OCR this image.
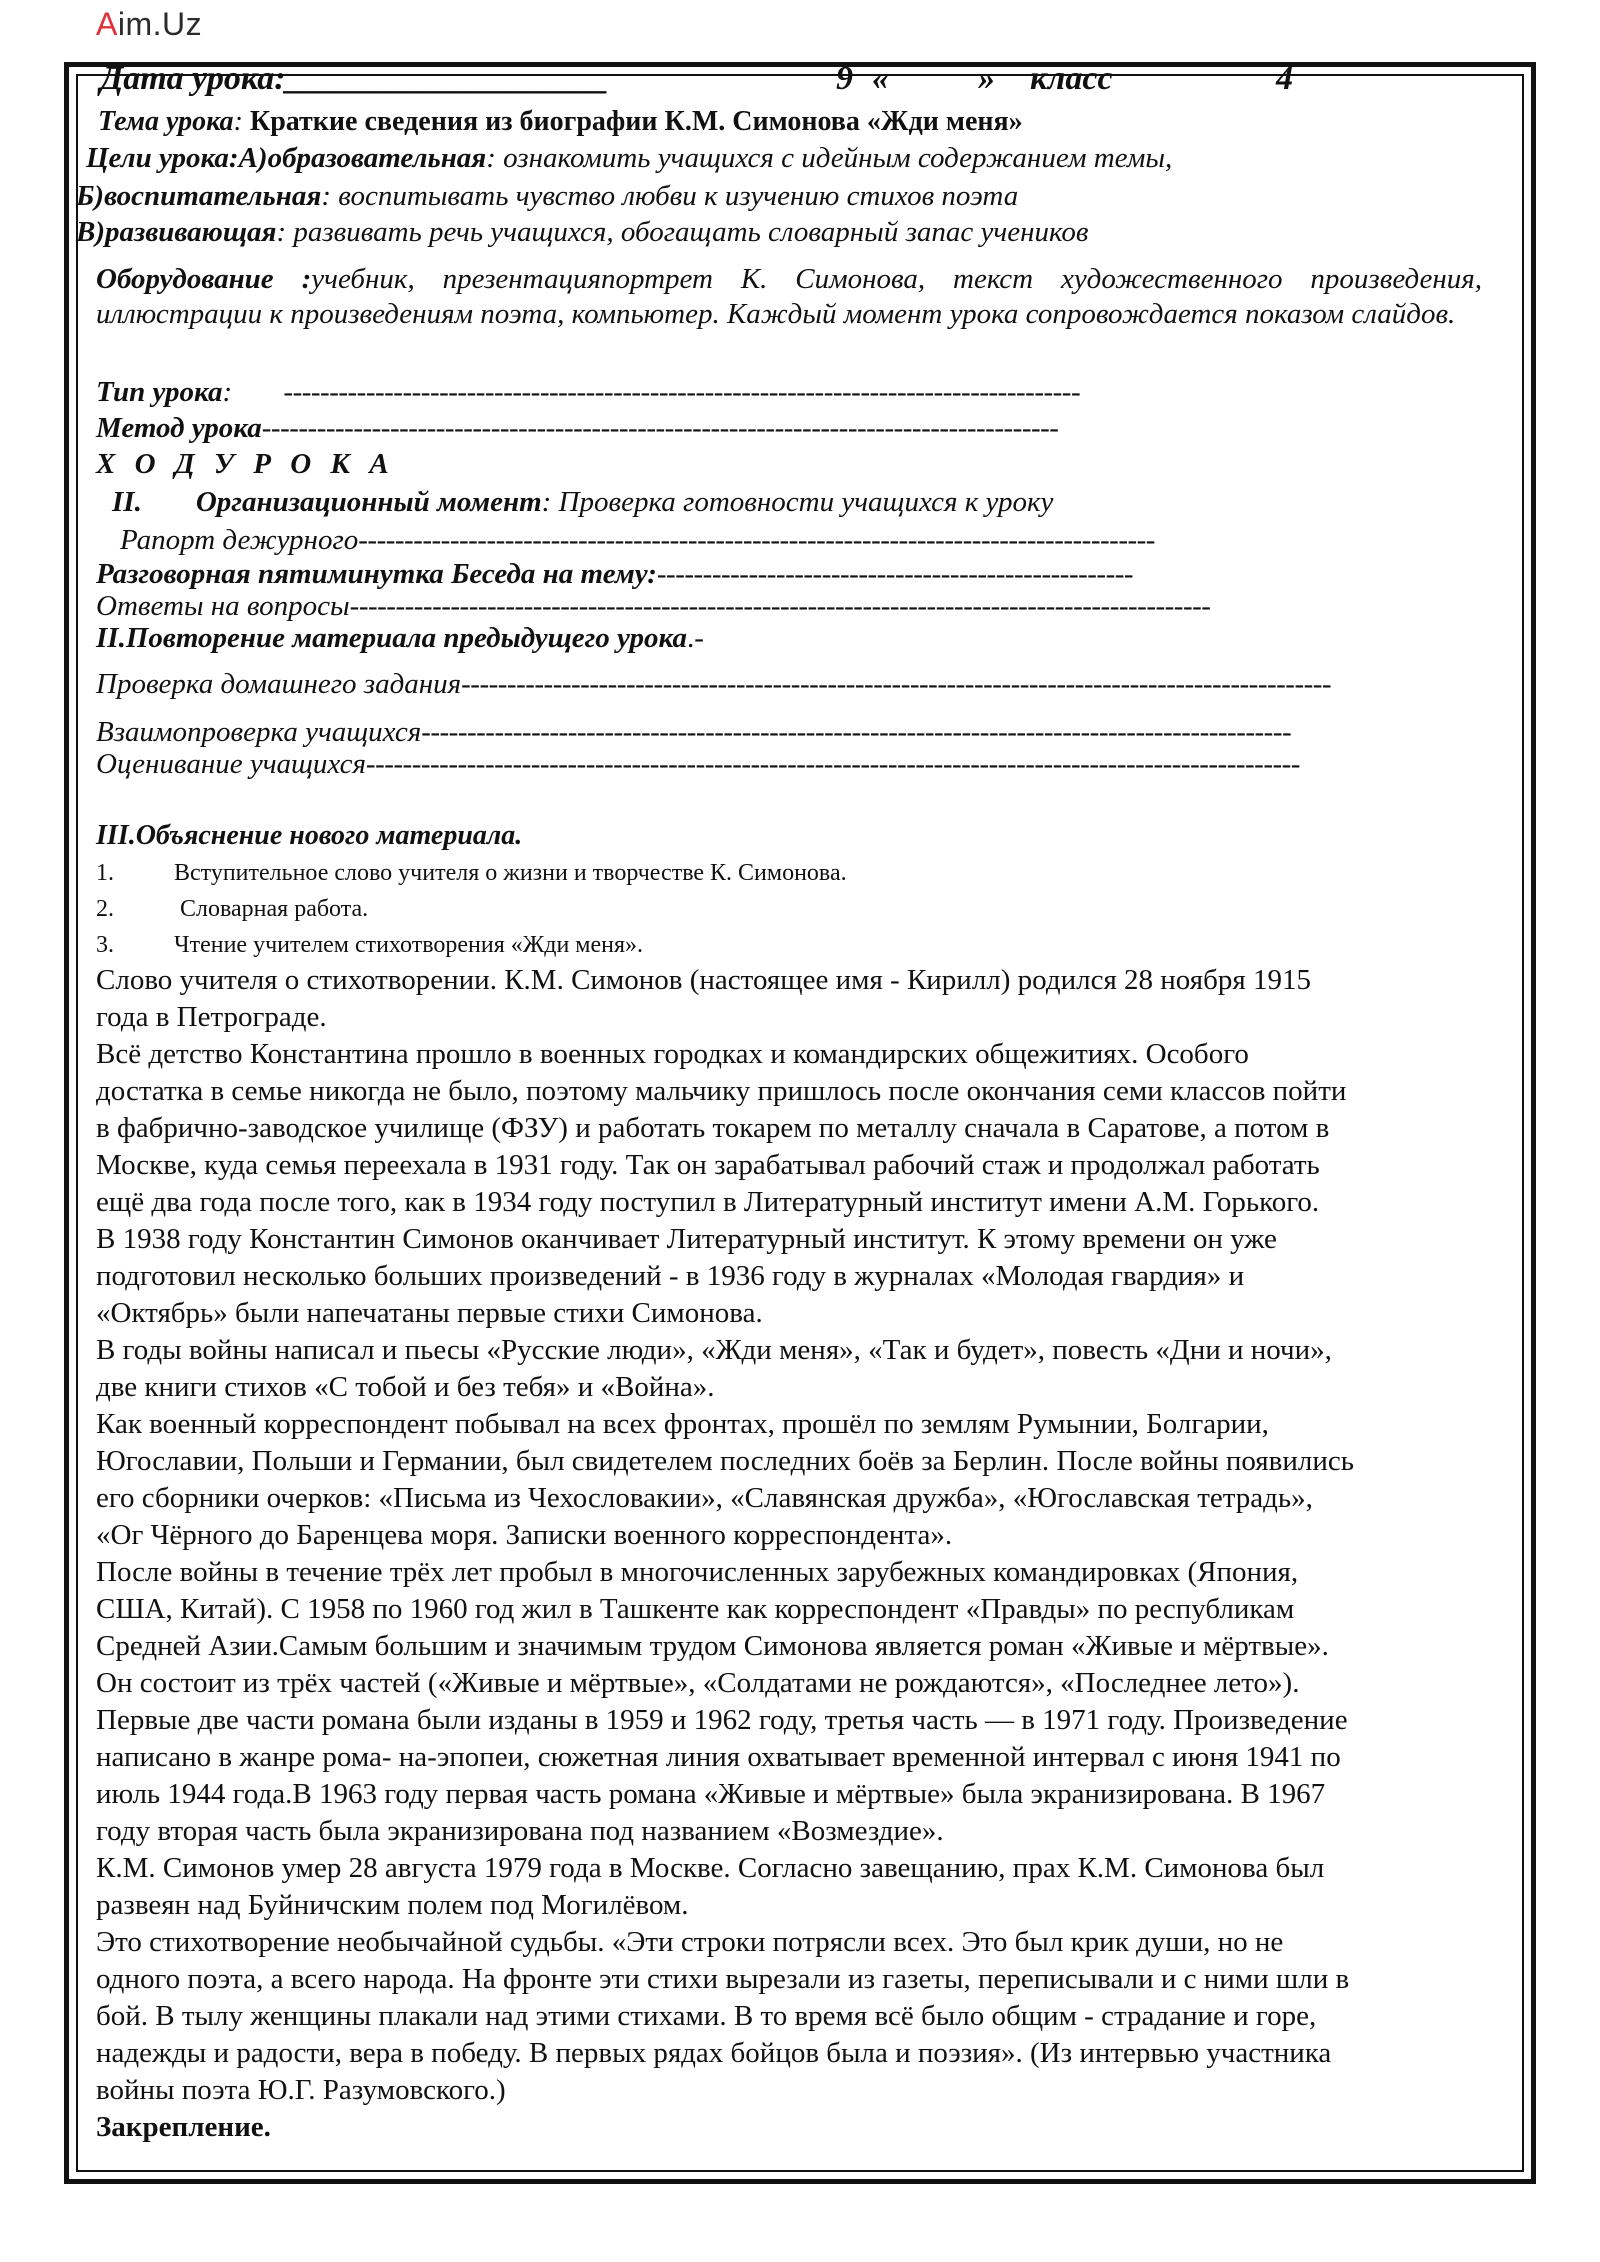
Aim.Uz
Дата урока:___________________	9 «	» класс	4
Тема урока: Краткие сведения из биографии К.М. Симонова «Жди меня»
Цели урока:А)образовательная: ознакомить учащихся с идейным содержанием темы,
Б)воспитательная: воспитывать чувство любви к изучению стихов поэта
В)развивающая: развивать речь учащихся, обогащать словарный запас учеников
Оборудование :учебник, презентацияпортрет К. Симонова, текст художественного произведения, иллюстрации к произведениям поэта, компьютер. Каждый момент урока сопровождается показом слайдов.
Тип урока: ---------------------------------------------------------------------------------------
Метод урока---------------------------------------------------------------------------------------
Х О Д У Р О К А
II. Организационный момент: Проверка готовности учащихся к уроку
Рапорт дежурного---------------------------------------------------------------------------------------
Разговорная пятиминутка Беседа на тему:----------------------------------------------------
Ответы на вопросы----------------------------------------------------------------------------------------------
II.Повторение материала предыдущего урока.-
Проверка домашнего задания-----------------------------------------------------------------------------------------------
Взаимопроверка учащихся-----------------------------------------------------------------------------------------------
Оценивание учащихся------------------------------------------------------------------------------------------------------
III.Объяснение нового материала.
1.	Вступительное слово учителя о жизни и творчестве К. Симонова.
2.	Словарная работа.
3.	Чтение учителем стихотворения «Жди меня».

Слово учителя о стихотворении. К.М. Симонов (настоящее имя - Кирилл) родился 28 ноября 1915

года в Петрограде.

Всё детство Константина прошло в военных городках и командирских общежитиях. Особого

достатка в семье никогда не было, поэтому мальчику пришлось после окончания семи классов пойти

в фабрично-заводское училище (ФЗУ) и работать токарем по металлу сначала в Саратове, а потом в

Москве, куда семья переехала в 1931 году. Так он зарабатывал рабочий стаж и продолжал работать

ещё два года после того, как в 1934 году поступил в Литературный институт имени А.М. Горького.

В 1938 году Константин Симонов оканчивает Литературный институт. К этому времени он уже

подготовил несколько больших произведений - в 1936 году в журналах «Молодая гвардия» и

«Октябрь» были напечатаны первые стихи Симонова.

В годы войны написал и пьесы «Русские люди», «Жди меня», «Так и будет», повесть «Дни и ночи»,

две книги стихов «С тобой и без тебя» и «Война».

Как военный корреспондент побывал на всех фронтах, прошёл по землям Румынии, Болгарии,

Югославии, Польши и Германии, был свидетелем последних боёв за Берлин. После войны появились

его сборники очерков: «Письма из Чехословакии», «Славянская дружба», «Югославская тетрадь»,

«Ог Чёрного до Баренцева моря. Записки военного корреспондента».

После войны в течение трёх лет пробыл в многочисленных зарубежных командировках (Япония,

США, Китай). С 1958 по 1960 год жил в Ташкенте как корреспондент «Правды» по республикам

Средней Азии.Самым большим и значимым трудом Симонова является роман «Живые и мёртвые».

Он состоит из трёх частей («Живые и мёртвые», «Солдатами не рождаются», «Последнее лето»).

Первые две части романа были изданы в 1959 и 1962 году, третья часть — в 1971 году. Произведение

написано в жанре рома- на-эпопеи, сюжетная линия охватывает временной интервал с июня 1941 по

июль 1944 года.В 1963 году первая часть романа «Живые и мёртвые» была экранизирована. В 1967

году вторая часть была экранизирована под названием «Возмездие».

К.М. Симонов умер 28 августа 1979 года в Москве. Согласно завещанию, прах К.М. Симонова был

развеян над Буйничским полем под Могилёвом.

Это стихотворение необычайной судьбы. «Эти строки потрясли всех. Это был крик души, но не

одного поэта, а всего народа. На фронте эти стихи вырезали из газеты, переписывали и с ними шли в

бой. В тылу женщины плакали над этими стихами. В то время всё было общим - страдание и горе,

надежды и радости, вера в победу. В первых рядах бойцов была и поэзия». (Из интервью участника

войны поэта Ю.Г. Разумовского.)

Закрепление.
